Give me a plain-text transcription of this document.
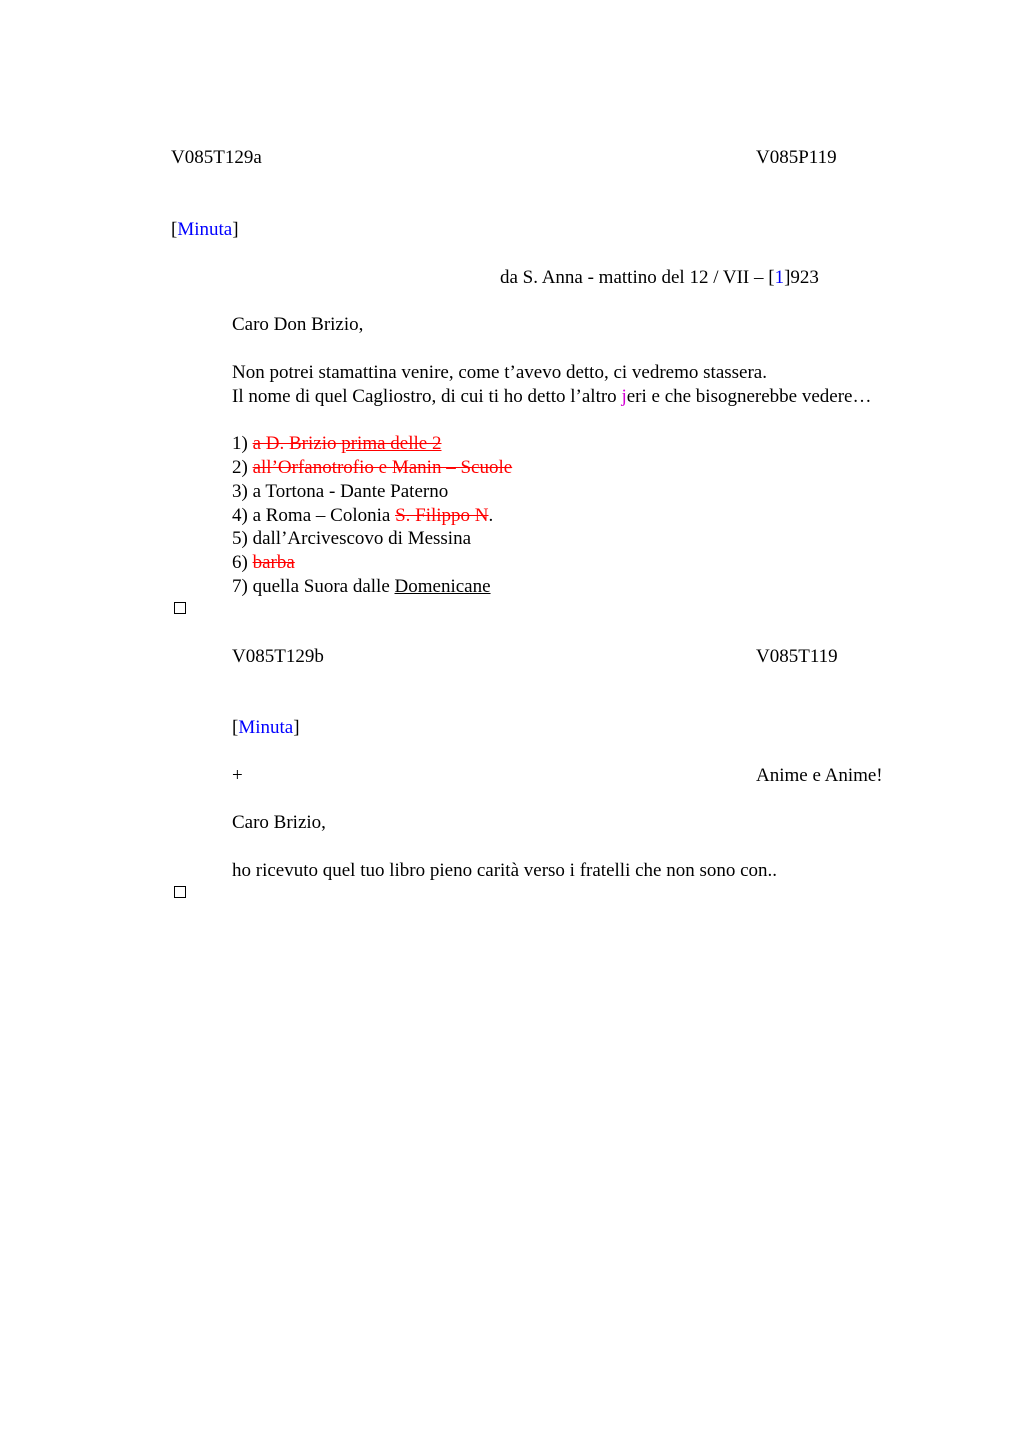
V085T129a	V085P119
[Minuta]
da S. Anna - mattino del 12 / VII – [1]923
Caro Don Brizio,
Non potrei stamattina venire, come t’avevo detto, ci vedremo stassera.
Il nome di quel Cagliostro, di cui ti ho detto l’altro jeri e che bisognerebbe vedere…
1) a D. Brizio prima delle 2
2) all’Orfanotrofio e Manin – Scuole
3) a Tortona - Dante Paterno
4) a Roma – Colonia S. Filippo N.
5) dall’Arcivescovo di Messina
6) barba
7) quella Suora dalle Domenicane
V085T129b	V085T119
[Minuta]
+	Anime e Anime!
Caro Brizio,
ho ricevuto quel tuo libro pieno carità verso i fratelli che non sono con..
